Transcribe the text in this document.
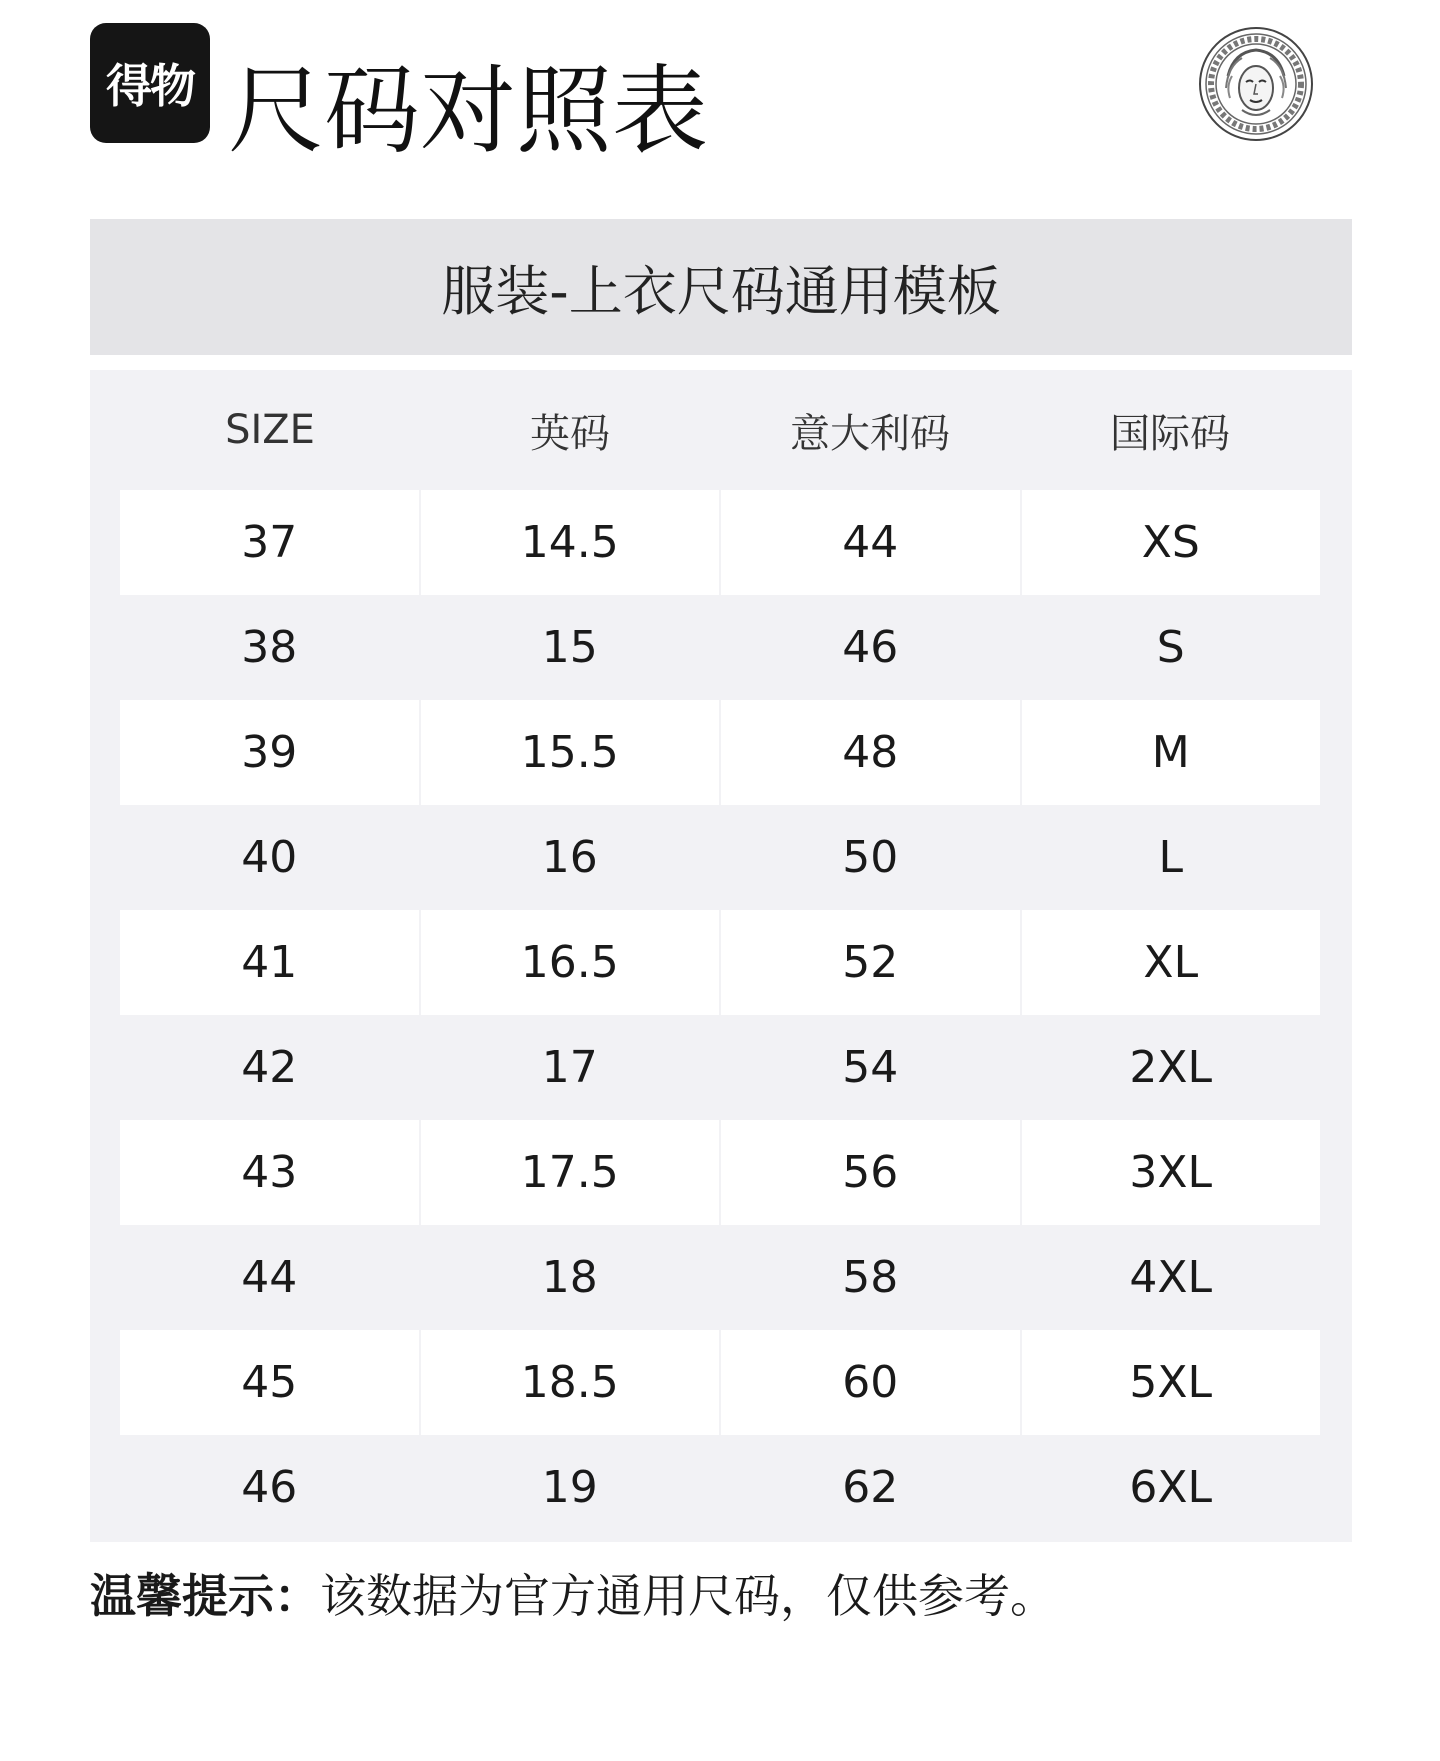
得物 尺码对照表
服装-上衣尺码通用模板
SIZE	英码	意大利码	国际码
37	14.5	44	XS
38	15	46	S
39	15.5	48	M
40	16	50	L
41	16.5	52	XL
42	17	54	2XL
43	17.5	56	3XL
44	18	58	4XL
45	18.5	60	5XL
46	19	62	6XL
温馨提示：该数据为官方通用尺码，仅供参考。
